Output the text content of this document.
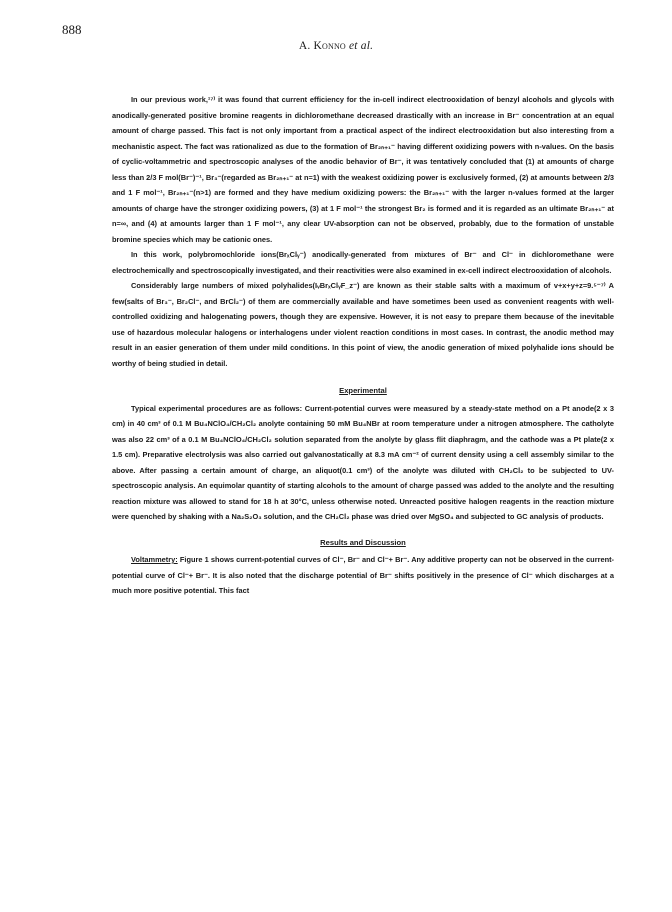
888
A. Konno et al.

In our previous work,¹⁷⁾ it was found that current efficiency for the in-cell indirect electrooxidation of benzyl alcohols and glycols with anodically-generated positive bromine reagents in dichloromethane decreased drastically with an increase in Br⁻ concentration at an equal amount of charge passed. This fact is not only important from a practical aspect of the indirect electrooxidation but also interesting from a mechanistic aspect. The fact was rationalized as due to the formation of Br₂ₙ₊₁⁻ having different oxidizing powers with n-values. On the basis of cyclic-voltammetric and spectroscopic analyses of the anodic behavior of Br⁻, it was tentatively concluded that (1) at amounts of charge less than 2/3 F mol(Br⁻)⁻¹, Br₃⁻(regarded as Br₂ₙ₊₁⁻ at n=1) with the weakest oxidizing power is exclusively formed, (2) at amounts between 2/3 and 1 F mol⁻¹, Br₂ₙ₊₁⁻(n>1) are formed and they have medium oxidizing powers: the Br₂ₙ₊₁⁻ with the larger n-values formed at the larger amounts of charge have the stronger oxidizing powers, (3) at 1 F mol⁻¹ the strongest Br₂ is formed and it is regarded as an ultimate Br₂ₙ₊₁⁻ at n=∞, and (4) at amounts larger than 1 F mol⁻¹, any clear UV-absorption can not be observed, probably, due to the formation of unstable bromine species which may be cationic ones.

In this work, polybromochloride ions(BrₓClᵧ⁻) anodically-generated from mixtures of Br⁻ and Cl⁻ in dichloromethane were electrochemically and spectroscopically investigated, and their reactivities were also examined in ex-cell indirect electrooxidation of alcohols.

Considerably large numbers of mixed polyhalides(IᵥBrₓClᵧF_z⁻) are known as their stable salts with a maximum of v+x+y+z=9.⁵⁻⁷⁾ A few(salts of Br₃⁻, Br₂Cl⁻, and BrCl₂⁻) of them are commercially available and have sometimes been used as convenient reagents with well-controlled oxidizing and halogenating powers, though they are expensive. However, it is not easy to prepare them because of the inevitable use of hazardous molecular halogens or interhalogens under violent reaction conditions in most cases. In contrast, the anodic method may result in an easier generation of them under mild conditions. In this point of view, the anodic generation of mixed polyhalide ions should be worthy of being studied in detail.

Experimental

Typical experimental procedures are as follows: Current-potential curves were measured by a steady-state method on a Pt anode(2 x 3 cm) in 40 cm³ of 0.1 M Bu₄NClO₄/CH₂Cl₂ anolyte containing 50 mM Bu₄NBr at room temperature under a nitrogen atmosphere. The catholyte was also 22 cm³ of a 0.1 M Bu₄NClO₄/CH₂Cl₂ solution separated from the anolyte by glass flit diaphragm, and the cathode was a Pt plate(2 x 1.5 cm). Preparative electrolysis was also carried out galvanostatically at 8.3 mA cm⁻² of current density using a cell assembly similar to the above. After passing a certain amount of charge, an aliquot(0.1 cm³) of the anolyte was diluted with CH₂Cl₂ to be subjected to UV-spectroscopic analysis. An equimolar quantity of starting alcohols to the amount of charge passed was added to the anolyte and the resulting reaction mixture was allowed to stand for 18 h at 30°C, unless otherwise noted. Unreacted positive halogen reagents in the reaction mixture were quenched by shaking with a Na₂S₂O₃ solution, and the CH₂Cl₂ phase was dried over MgSO₄ and subjected to GC analysis of products.

Results and Discussion

Voltammetry: Figure 1 shows current-potential curves of Cl⁻, Br⁻ and Cl⁻+ Br⁻. Any additive property can not be observed in the current-potential curve of Cl⁻+ Br⁻. It is also noted that the discharge potential of Br⁻ shifts positively in the presence of Cl⁻ which discharges at a much more positive potential. This fact
